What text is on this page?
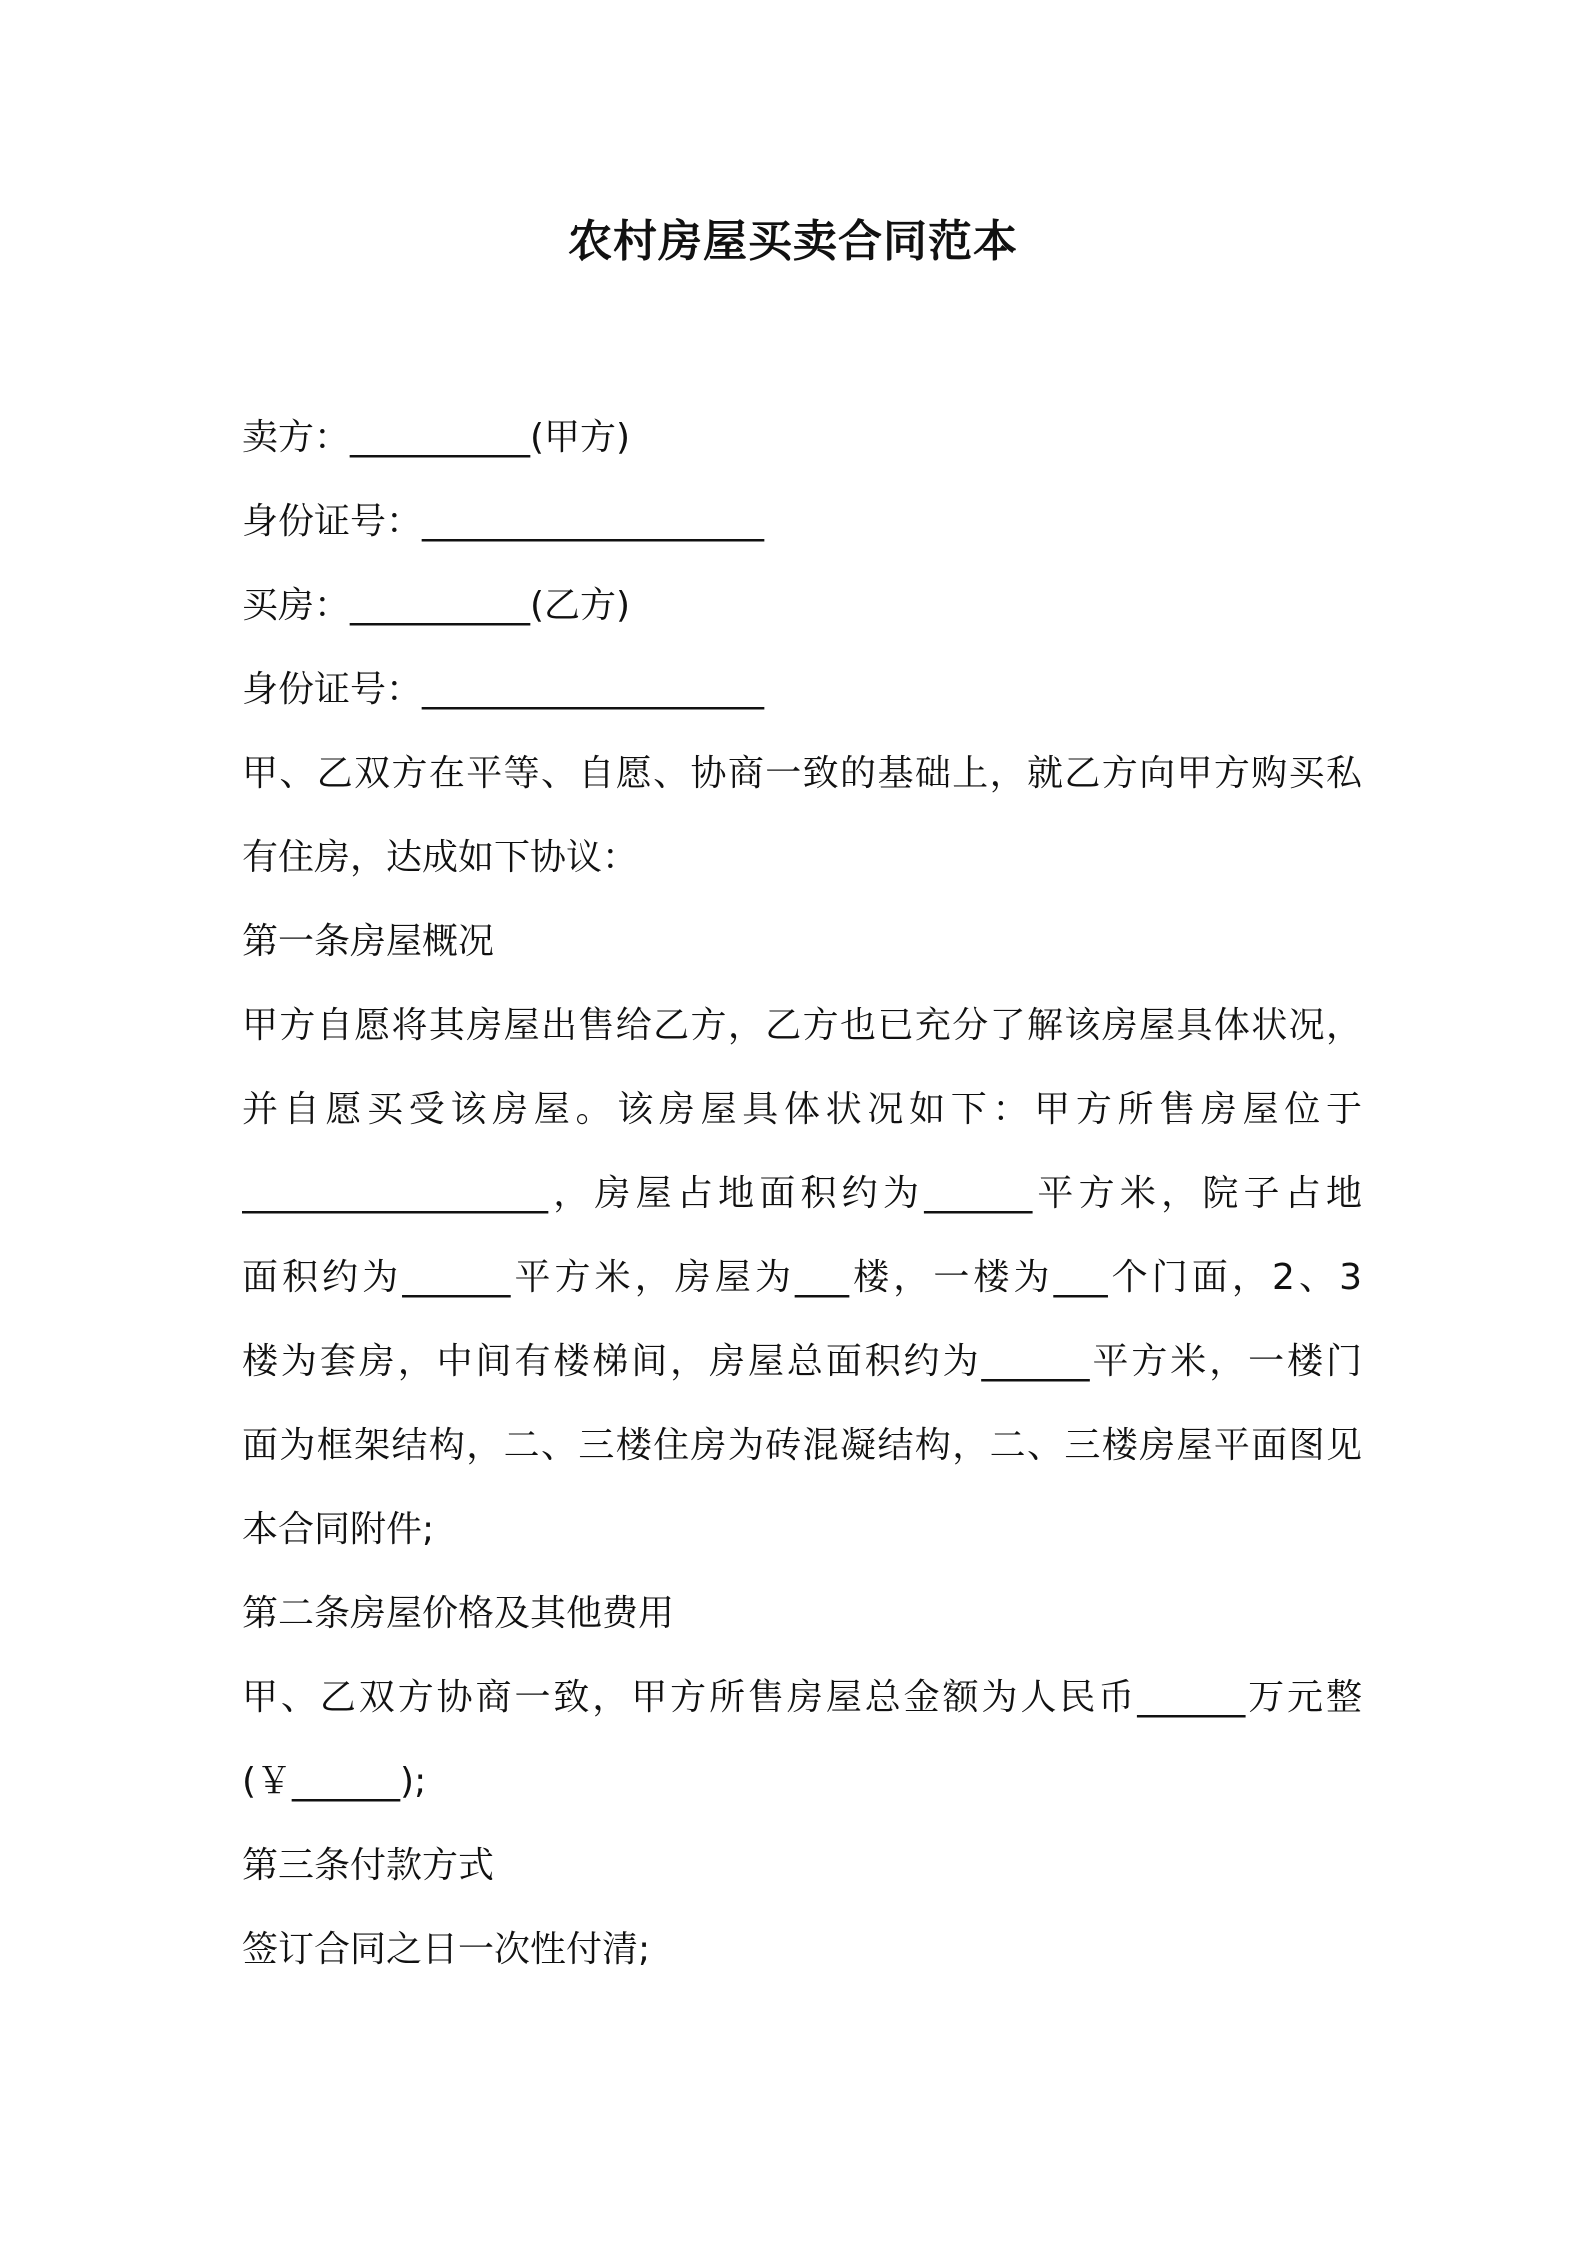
农村房屋买卖合同范本
卖方：__________(甲方)
身份证号：___________________
买房：__________(乙方)
身份证号：___________________
甲、乙双方在平等、自愿、协商一致的基础上，就乙方向甲方购买私
有住房，达成如下协议：
第一条房屋概况
甲方自愿将其房屋出售给乙方，乙方也已充分了解该房屋具体状况，
并自愿买受该房屋。该房屋具体状况如下：甲方所售房屋位于
_________________，房屋占地面积约为______平方米，院子占地
面积约为______平方米，房屋为___楼，一楼为___个门面，2、3
楼为套房，中间有楼梯间，房屋总面积约为______平方米，一楼门
面为框架结构，二、三楼住房为砖混凝结构，二、三楼房屋平面图见
本合同附件;
第二条房屋价格及其他费用
甲、乙双方协商一致，甲方所售房屋总金额为人民币______万元整
(￥______);
第三条付款方式
签订合同之日一次性付清;
